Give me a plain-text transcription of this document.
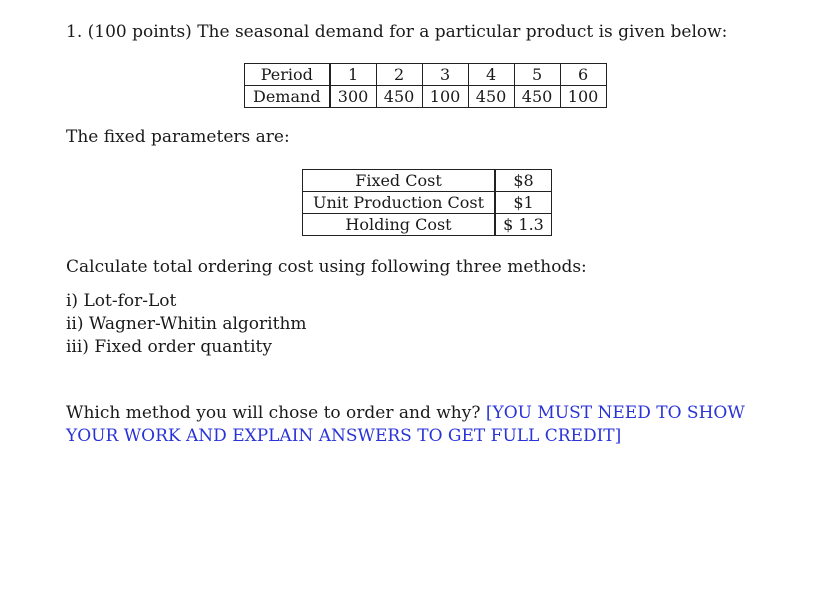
1. (100 points) The seasonal demand for a particular product is given below:
Period	1	2	3	4	5	6
Demand	300	450	100	450	450	100
The fixed parameters are:
Fixed Cost	$8
Unit Production Cost	$1
Holding Cost	$ 1.3
Calculate total ordering cost using following three methods:
i) Lot-for-Lot
ii) Wagner-Whitin algorithm
iii) Fixed order quantity
Which method you will chose to order and why? [YOU MUST NEED TO SHOW YOUR WORK AND EXPLAIN ANSWERS TO GET FULL CREDIT]
